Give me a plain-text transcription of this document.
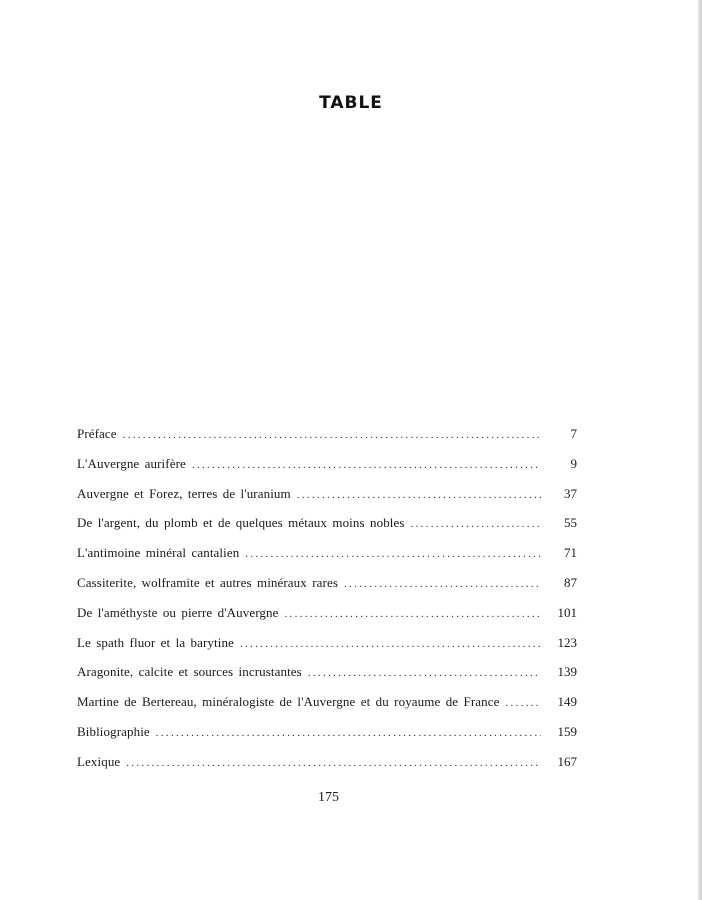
TABLE
Préface .....	7
L'Auvergne aurifère .....	9
Auvergne et Forez, terres de l'uranium .....	37
De l'argent, du plomb et de quelques métaux moins nobles .....	55
L'antimoine minéral cantalien .....	71
Cassiterite, wolframite et autres minéraux rares .....	87
De l'améthyste ou pierre d'Auvergne .....	101
Le spath fluor et la barytine .....	123
Aragonite, calcite et sources incrustantes .....	139
Martine de Bertereau, minéralogiste de l'Auvergne et du royaume de France .....	149
Bibliographie .....	159
Lexique .....	167
175
